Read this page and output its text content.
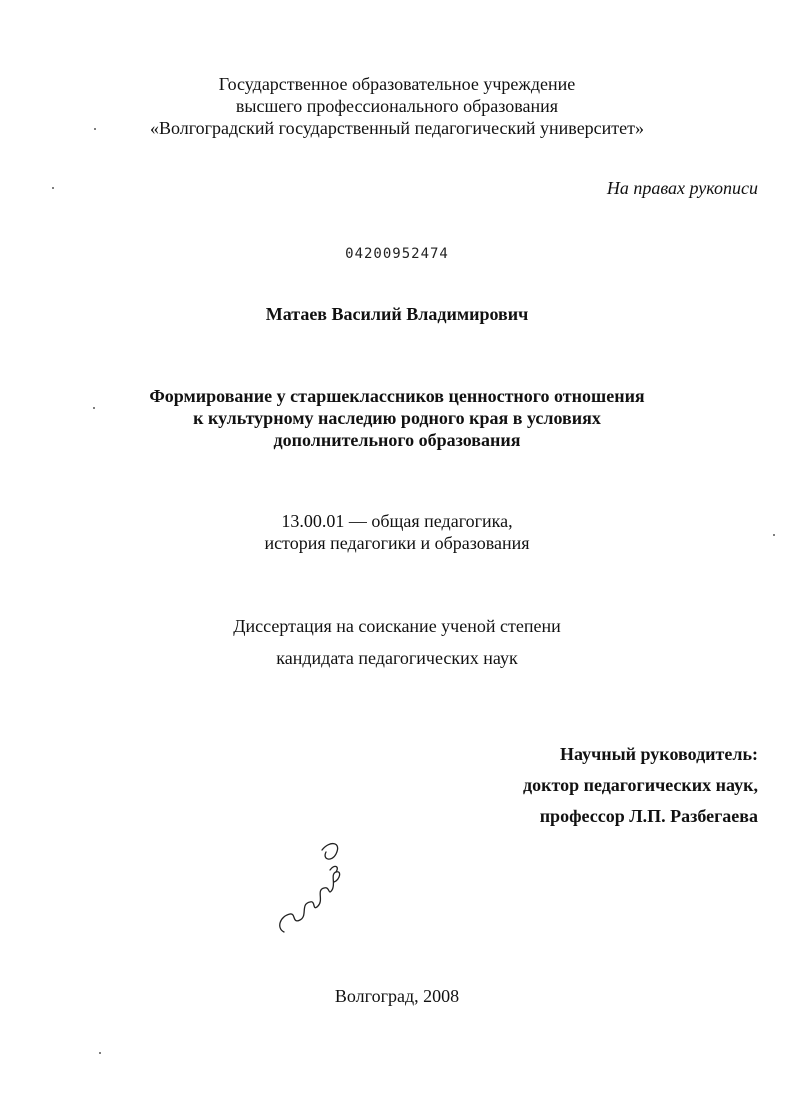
Государственное образовательное учреждение
высшего профессионального образования
«Волгоградский государственный педагогический университет»
На правах рукописи
04200952474
Матаев Василий Владимирович
Формирование у старшеклассников ценностного отношения
к культурному наследию родного края в условиях
дополнительного образования
13.00.01 — общая педагогика,
история педагогики и образования
Диссертация на соискание ученой степени
кандидата педагогических наук
Научный руководитель:
доктор педагогических наук,
профессор Л.П. Разбегаева
Волгоград, 2008
